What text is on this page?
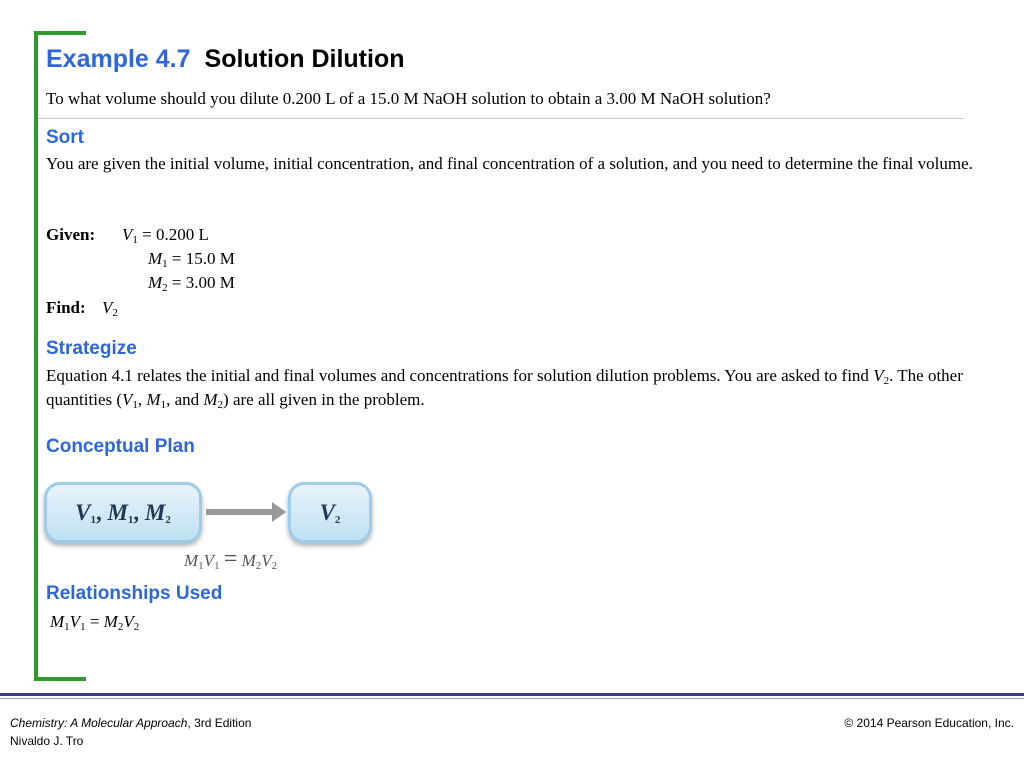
Example 4.7 Solution Dilution
To what volume should you dilute 0.200 L of a 15.0 M NaOH solution to obtain a 3.00 M NaOH solution?
Sort
You are given the initial volume, initial concentration, and final concentration of a solution, and you need to determine the final volume.
Given: $V_1 = 0.200$ L
$M_1 = 15.0$ M
$M_2 = 3.00$ M
Find: $V_2$
Strategize
Equation 4.1 relates the initial and final volumes and concentrations for solution dilution problems. You are asked to find $V_2$. The other quantities ($V_1$, $M_1$, and $M_2$) are all given in the problem.
Conceptual Plan
$V_1$, $M_1$, $M_2$	$V_2$
$M_1V_1 = M_2V_2$
Relationships Used
$M_1V_1 = M_2V_2$
Chemistry: A Molecular Approach, 3rd Edition
Nivaldo J. Tro
© 2014 Pearson Education, Inc.
